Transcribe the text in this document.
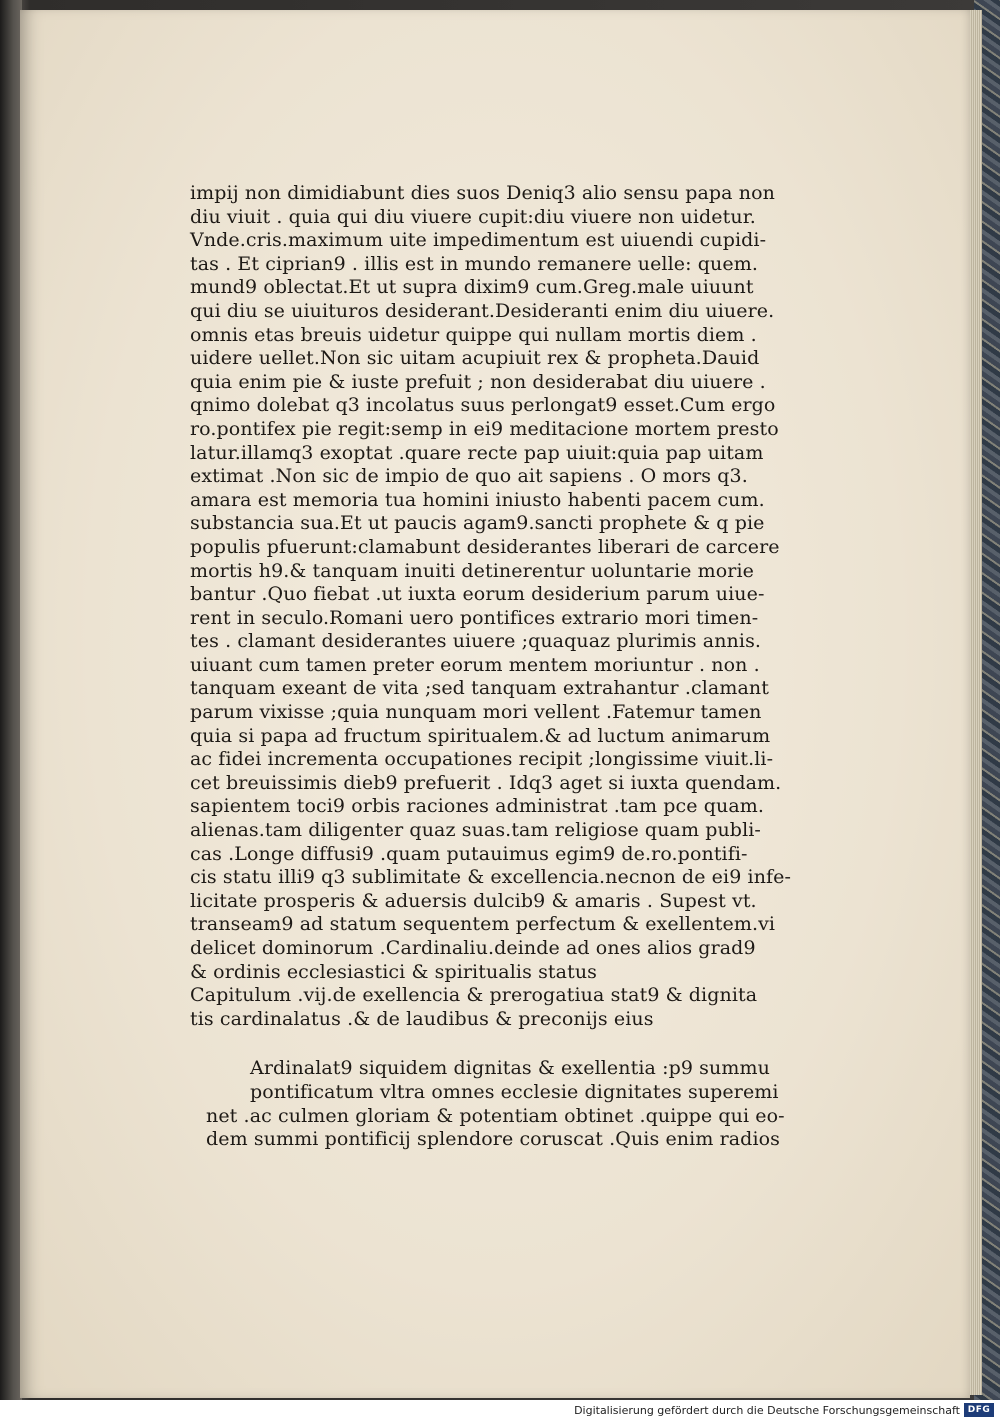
impij non dimidiabunt dies suos Deniq3 alio sensu papa non
diu viuit . quia qui diu viuere cupit:diu viuere non uidetur.
Vnde.cris.maximum uite impedimentum est uiuendi cupidi-
tas . Et ciprian9 . illis est in mundo remanere uelle: quem.
mund9 oblectat.Et ut supra dixim9 cum.Greg.male uiuunt
qui diu se uiuituros desiderant.Desideranti enim diu uiuere.
omnis etas breuis uidetur quippe qui nullam mortis diem .
uidere uellet.Non sic uitam acupiuit rex & propheta.Dauid
quia enim pie & iuste prefuit ; non desiderabat diu uiuere .
qnimo dolebat q3 incolatus suus perlongat9 esset.Cum ergo
ro.pontifex pie regit:semp in ei9 meditacione mortem presto
latur.illamq3 exoptat .quare recte pap uiuit:quia pap uitam
extimat .Non sic de impio de quo ait sapiens . O mors q3.
amara est memoria tua homini iniusto habenti pacem cum.
substancia sua.Et ut paucis agam9.sancti prophete & q pie
populis pfuerunt:clamabunt desiderantes liberari de carcere
mortis h9.& tanquam inuiti detinerentur uoluntarie morie
bantur .Quo fiebat .ut iuxta eorum desiderium parum uiue-
rent in seculo.Romani uero pontifices extrario mori timen-
tes . clamant desiderantes uiuere ;quaquaz plurimis annis.
uiuant cum tamen preter eorum mentem moriuntur . non .
tanquam exeant de vita ;sed tanquam extrahantur .clamant
parum vixisse ;quia nunquam mori vellent .Fatemur tamen
quia si papa ad fructum spiritualem.& ad luctum animarum
ac fidei incrementa occupationes recipit ;longissime viuit.li-
cet breuissimis dieb9 prefuerit . Idq3 aget si iuxta quendam.
sapientem toci9 orbis raciones administrat .tam pce quam.
alienas.tam diligenter quaz suas.tam religiose quam publi-
cas .Longe diffusi9 .quam putauimus egim9 de.ro.pontifi-
cis statu illi9 q3 sublimitate & excellencia.necnon de ei9 infe-
licitate prosperis & aduersis dulcib9 & amaris . Supest vt.
transeam9 ad statum sequentem perfectum & exellentem.vi
delicet dominorum .Cardinaliu.deinde ad ones alios grad9
& ordinis ecclesiastici & spiritualis status
Capitulum .vij.de exellencia & prerogatiua stat9 & dignita
tis cardinalatus .& de laudibus & preconijs eius
Ardinalat9 siquidem dignitas & exellentia :p9 summu
pontificatum vltra omnes ecclesie dignitates superemi
net .ac culmen gloriam & potentiam obtinet .quippe qui eo-
dem summi pontificij splendore coruscat .Quis enim radios
Digitalisierung gefördert durch die Deutsche Forschungsgemeinschaft DFG
